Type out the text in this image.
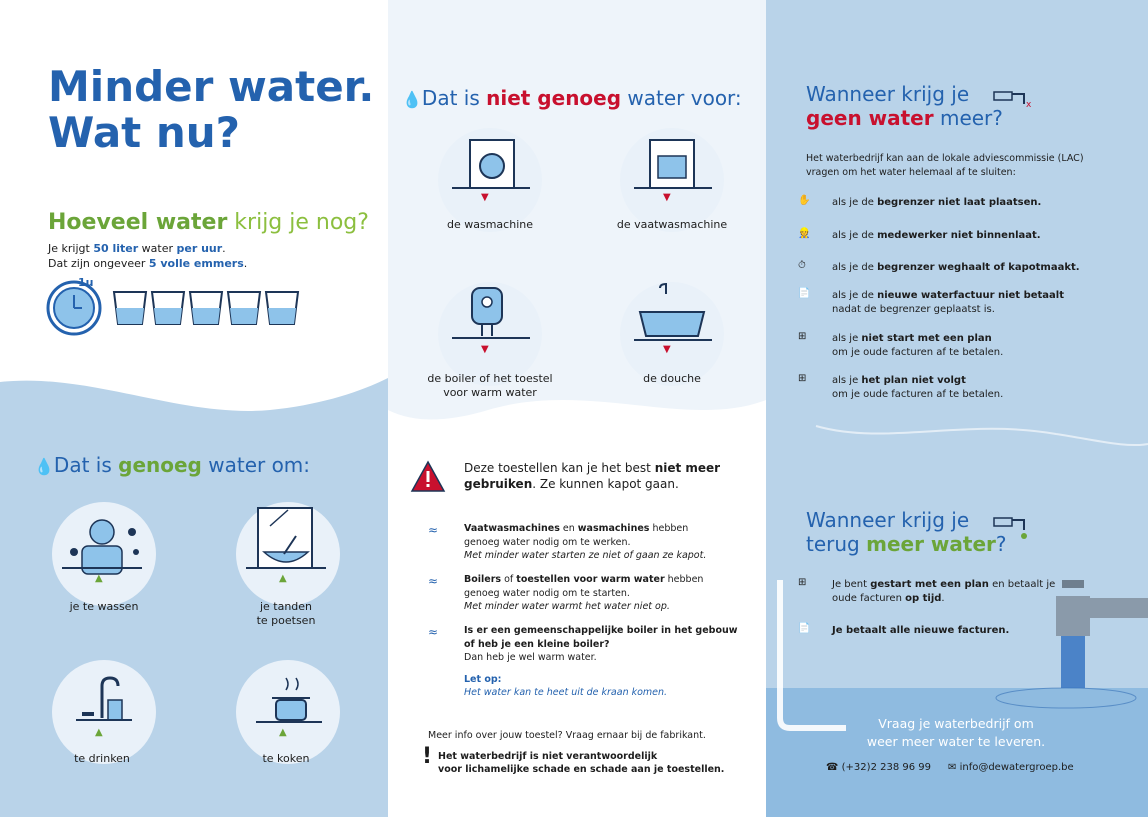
Minder water.
Wat nu?
Hoeveel water krijg je nog?
Je krijgt 50 liter water per uur.
Dat zijn ongeveer 5 volle emmers.
1u
💧Dat is genoeg water om:
▲
je te wassen
▲
je tanden
te poetsen
▲
te drinken
▲
te koken
💧Dat is niet genoeg water voor:
▼
de wasmachine
▼
de vaatwasmachine
▼
de boiler of het toestel
voor warm water
▼
de douche
Deze toestellen kan je het best niet meer
gebruiken. Ze kunnen kapot gaan.
≈	Vaatwasmachines en wasmachines hebben
genoeg water nodig om te werken.
Met minder water starten ze niet of gaan ze kapot.
≈	Boilers of toestellen voor warm water hebben
genoeg water nodig om te starten.
Met minder water warmt het water niet op.
≈	Is er een gemeenschappelijke boiler in het gebouw
of heb je een kleine boiler?
Dan heb je wel warm water.
Let op:
Het water kan te heet uit de kraan komen.
Meer info over jouw toestel? Vraag ernaar bij de fabrikant.
! Het waterbedrijf is niet verantwoordelijk
voor lichamelijke schade en schade aan je toestellen.
Wanneer krijg je
geen water meer?
x
Het waterbedrijf kan aan de lokale adviescommissie (LAC)
vragen om het water helemaal af te sluiten:
✋	als je de begrenzer niet laat plaatsen.
👷	als je de medewerker niet binnenlaat.
⏱	als je de begrenzer weghaalt of kapotmaakt.
📄	als je de nieuwe waterfactuur niet betaalt
nadat de begrenzer geplaatst is.
⊞	als je niet start met een plan
om je oude facturen af te betalen.
⊞	als je het plan niet volgt
om je oude facturen af te betalen.
Wanneer krijg je
terug meer water?
⊞	Je bent gestart met een plan en betaalt je
oude facturen op tijd.
📄	Je betaalt alle nieuwe facturen.
Vraag je waterbedrijf om
weer meer water te leveren.
☎ (+32)2 238 96 99 ✉ info@dewatergroep.be
